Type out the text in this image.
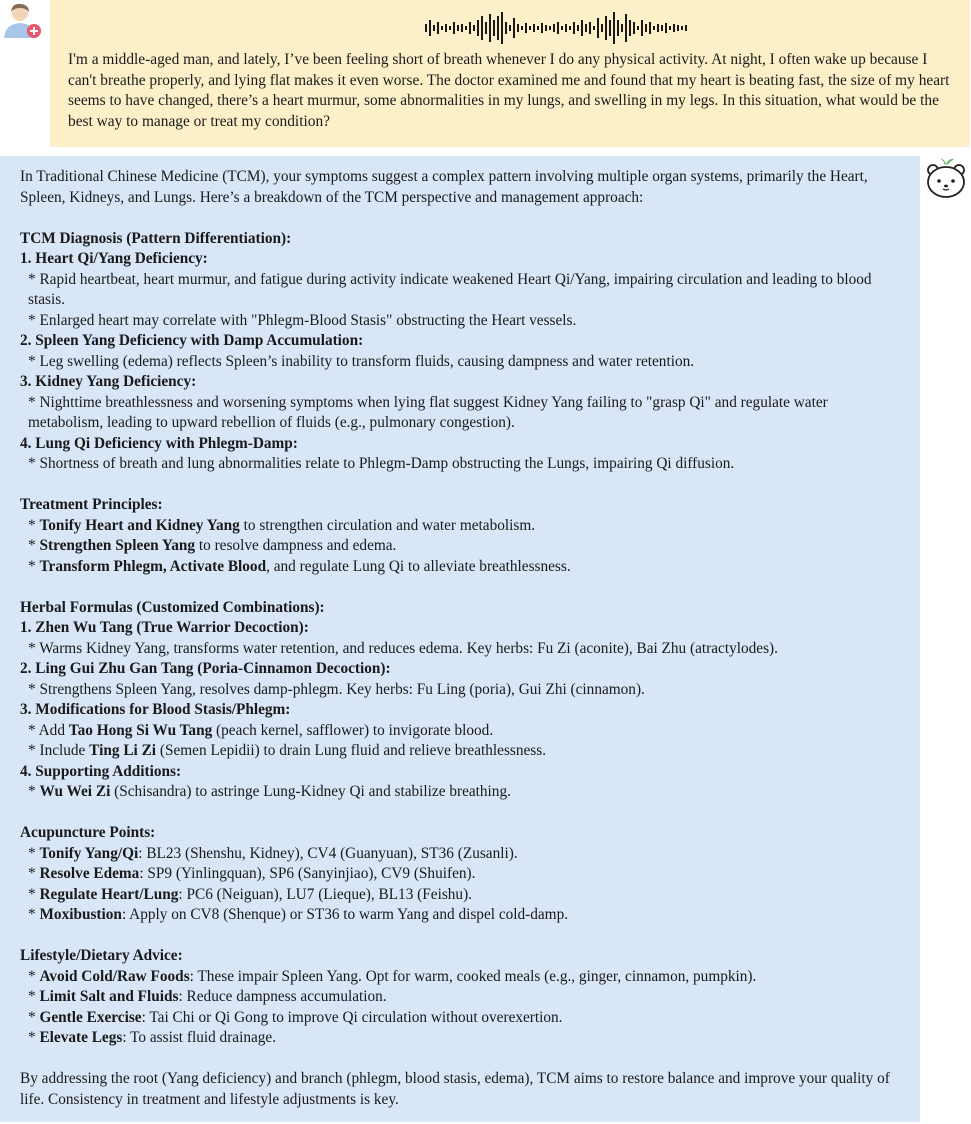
I'm a middle-aged man, and lately, I’ve been feeling short of breath whenever I do any physical activity. At night, I often wake up because I can't breathe properly, and lying flat makes it even worse. The doctor examined me and found that my heart is beating fast, the size of my heart seems to have changed, there’s a heart murmur, some abnormalities in my lungs, and swelling in my legs. In this situation, what would be the best way to manage or treat my condition?
In Traditional Chinese Medicine (TCM), your symptoms suggest a complex pattern involving multiple organ systems, primarily the Heart, Spleen, Kidneys, and Lungs. Here’s a breakdown of the TCM perspective and management approach:
TCM Diagnosis (Pattern Differentiation):
1. Heart Qi/Yang Deficiency:
* Rapid heartbeat, heart murmur, and fatigue during activity indicate weakened Heart Qi/Yang, impairing circulation and leading to blood stasis.
* Enlarged heart may correlate with "Phlegm-Blood Stasis" obstructing the Heart vessels.
2. Spleen Yang Deficiency with Damp Accumulation:
* Leg swelling (edema) reflects Spleen’s inability to transform fluids, causing dampness and water retention.
3. Kidney Yang Deficiency:
* Nighttime breathlessness and worsening symptoms when lying flat suggest Kidney Yang failing to "grasp Qi" and regulate water metabolism, leading to upward rebellion of fluids (e.g., pulmonary congestion).
4. Lung Qi Deficiency with Phlegm-Damp:
* Shortness of breath and lung abnormalities relate to Phlegm-Damp obstructing the Lungs, impairing Qi diffusion.
Treatment Principles:
* Tonify Heart and Kidney Yang to strengthen circulation and water metabolism.
* Strengthen Spleen Yang to resolve dampness and edema.
* Transform Phlegm, Activate Blood, and regulate Lung Qi to alleviate breathlessness.
Herbal Formulas (Customized Combinations):
1. Zhen Wu Tang (True Warrior Decoction):
* Warms Kidney Yang, transforms water retention, and reduces edema. Key herbs: Fu Zi (aconite), Bai Zhu (atractylodes).
2. Ling Gui Zhu Gan Tang (Poria-Cinnamon Decoction):
* Strengthens Spleen Yang, resolves damp-phlegm. Key herbs: Fu Ling (poria), Gui Zhi (cinnamon).
3. Modifications for Blood Stasis/Phlegm:
* Add Tao Hong Si Wu Tang (peach kernel, safflower) to invigorate blood.
* Include Ting Li Zi (Semen Lepidii) to drain Lung fluid and relieve breathlessness.
4. Supporting Additions:
* Wu Wei Zi (Schisandra) to astringe Lung-Kidney Qi and stabilize breathing.
Acupuncture Points:
* Tonify Yang/Qi: BL23 (Shenshu, Kidney), CV4 (Guanyuan), ST36 (Zusanli).
* Resolve Edema: SP9 (Yinlingquan), SP6 (Sanyinjiao), CV9 (Shuifen).
* Regulate Heart/Lung: PC6 (Neiguan), LU7 (Lieque), BL13 (Feishu).
* Moxibustion: Apply on CV8 (Shenque) or ST36 to warm Yang and dispel cold-damp.
Lifestyle/Dietary Advice:
* Avoid Cold/Raw Foods: These impair Spleen Yang. Opt for warm, cooked meals (e.g., ginger, cinnamon, pumpkin).
* Limit Salt and Fluids: Reduce dampness accumulation.
* Gentle Exercise: Tai Chi or Qi Gong to improve Qi circulation without overexertion.
* Elevate Legs: To assist fluid drainage.
By addressing the root (Yang deficiency) and branch (phlegm, blood stasis, edema), TCM aims to restore balance and improve your quality of life. Consistency in treatment and lifestyle adjustments is key.
